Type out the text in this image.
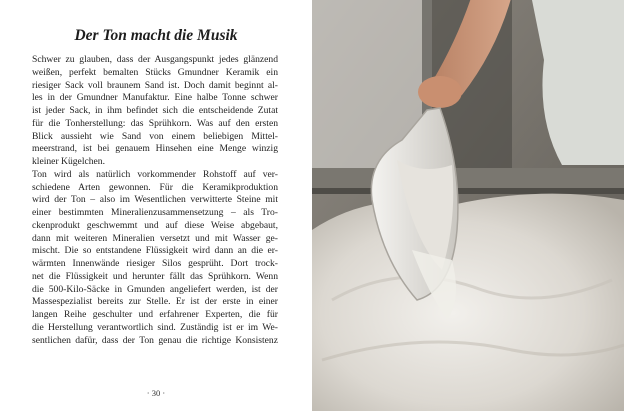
Der Ton macht die Musik

Schwer zu glauben, dass der Ausgangspunkt jedes glänzend

weißen, perfekt bemalten Stücks Gmundner Keramik ein

riesiger Sack voll braunem Sand ist. Doch damit beginnt al-

les in der Gmundner Manufaktur. Eine halbe Tonne schwer

ist jeder Sack, in ihm befindet sich die entscheidende Zutat

für die Tonherstellung: das Sprühkorn. Was auf den ersten

Blick aussieht wie Sand von einem beliebigen Mittel-

meerstrand, ist bei genauem Hinsehen eine Menge winzig

kleiner Kügelchen.

Ton wird als natürlich vorkommender Rohstoff auf ver-

schiedene Arten gewonnen. Für die Keramikproduktion

wird der Ton – also im Wesentlichen verwitterte Steine mit

einer bestimmten Mineralienzusammensetzung – als Tro-

ckenprodukt geschwemmt und auf diese Weise abgebaut,

dann mit weiteren Mineralien versetzt und mit Wasser ge-

mischt. Die so entstandene Flüssigkeit wird dann an die er-

wärmten Innenwände riesiger Silos gesprüht. Dort trock-

net die Flüssigkeit und herunter fällt das Sprühkorn. Wenn

die 500-Kilo-Säcke in Gmunden angeliefert werden, ist der

Massespezialist bereits zur Stelle. Er ist der erste in einer

langen Reihe geschulter und erfahrener Experten, die für

die Herstellung verantwortlich sind. Zuständig ist er im We-

sentlichen dafür, dass der Ton genau die richtige Konsistenz

· 30 ·
